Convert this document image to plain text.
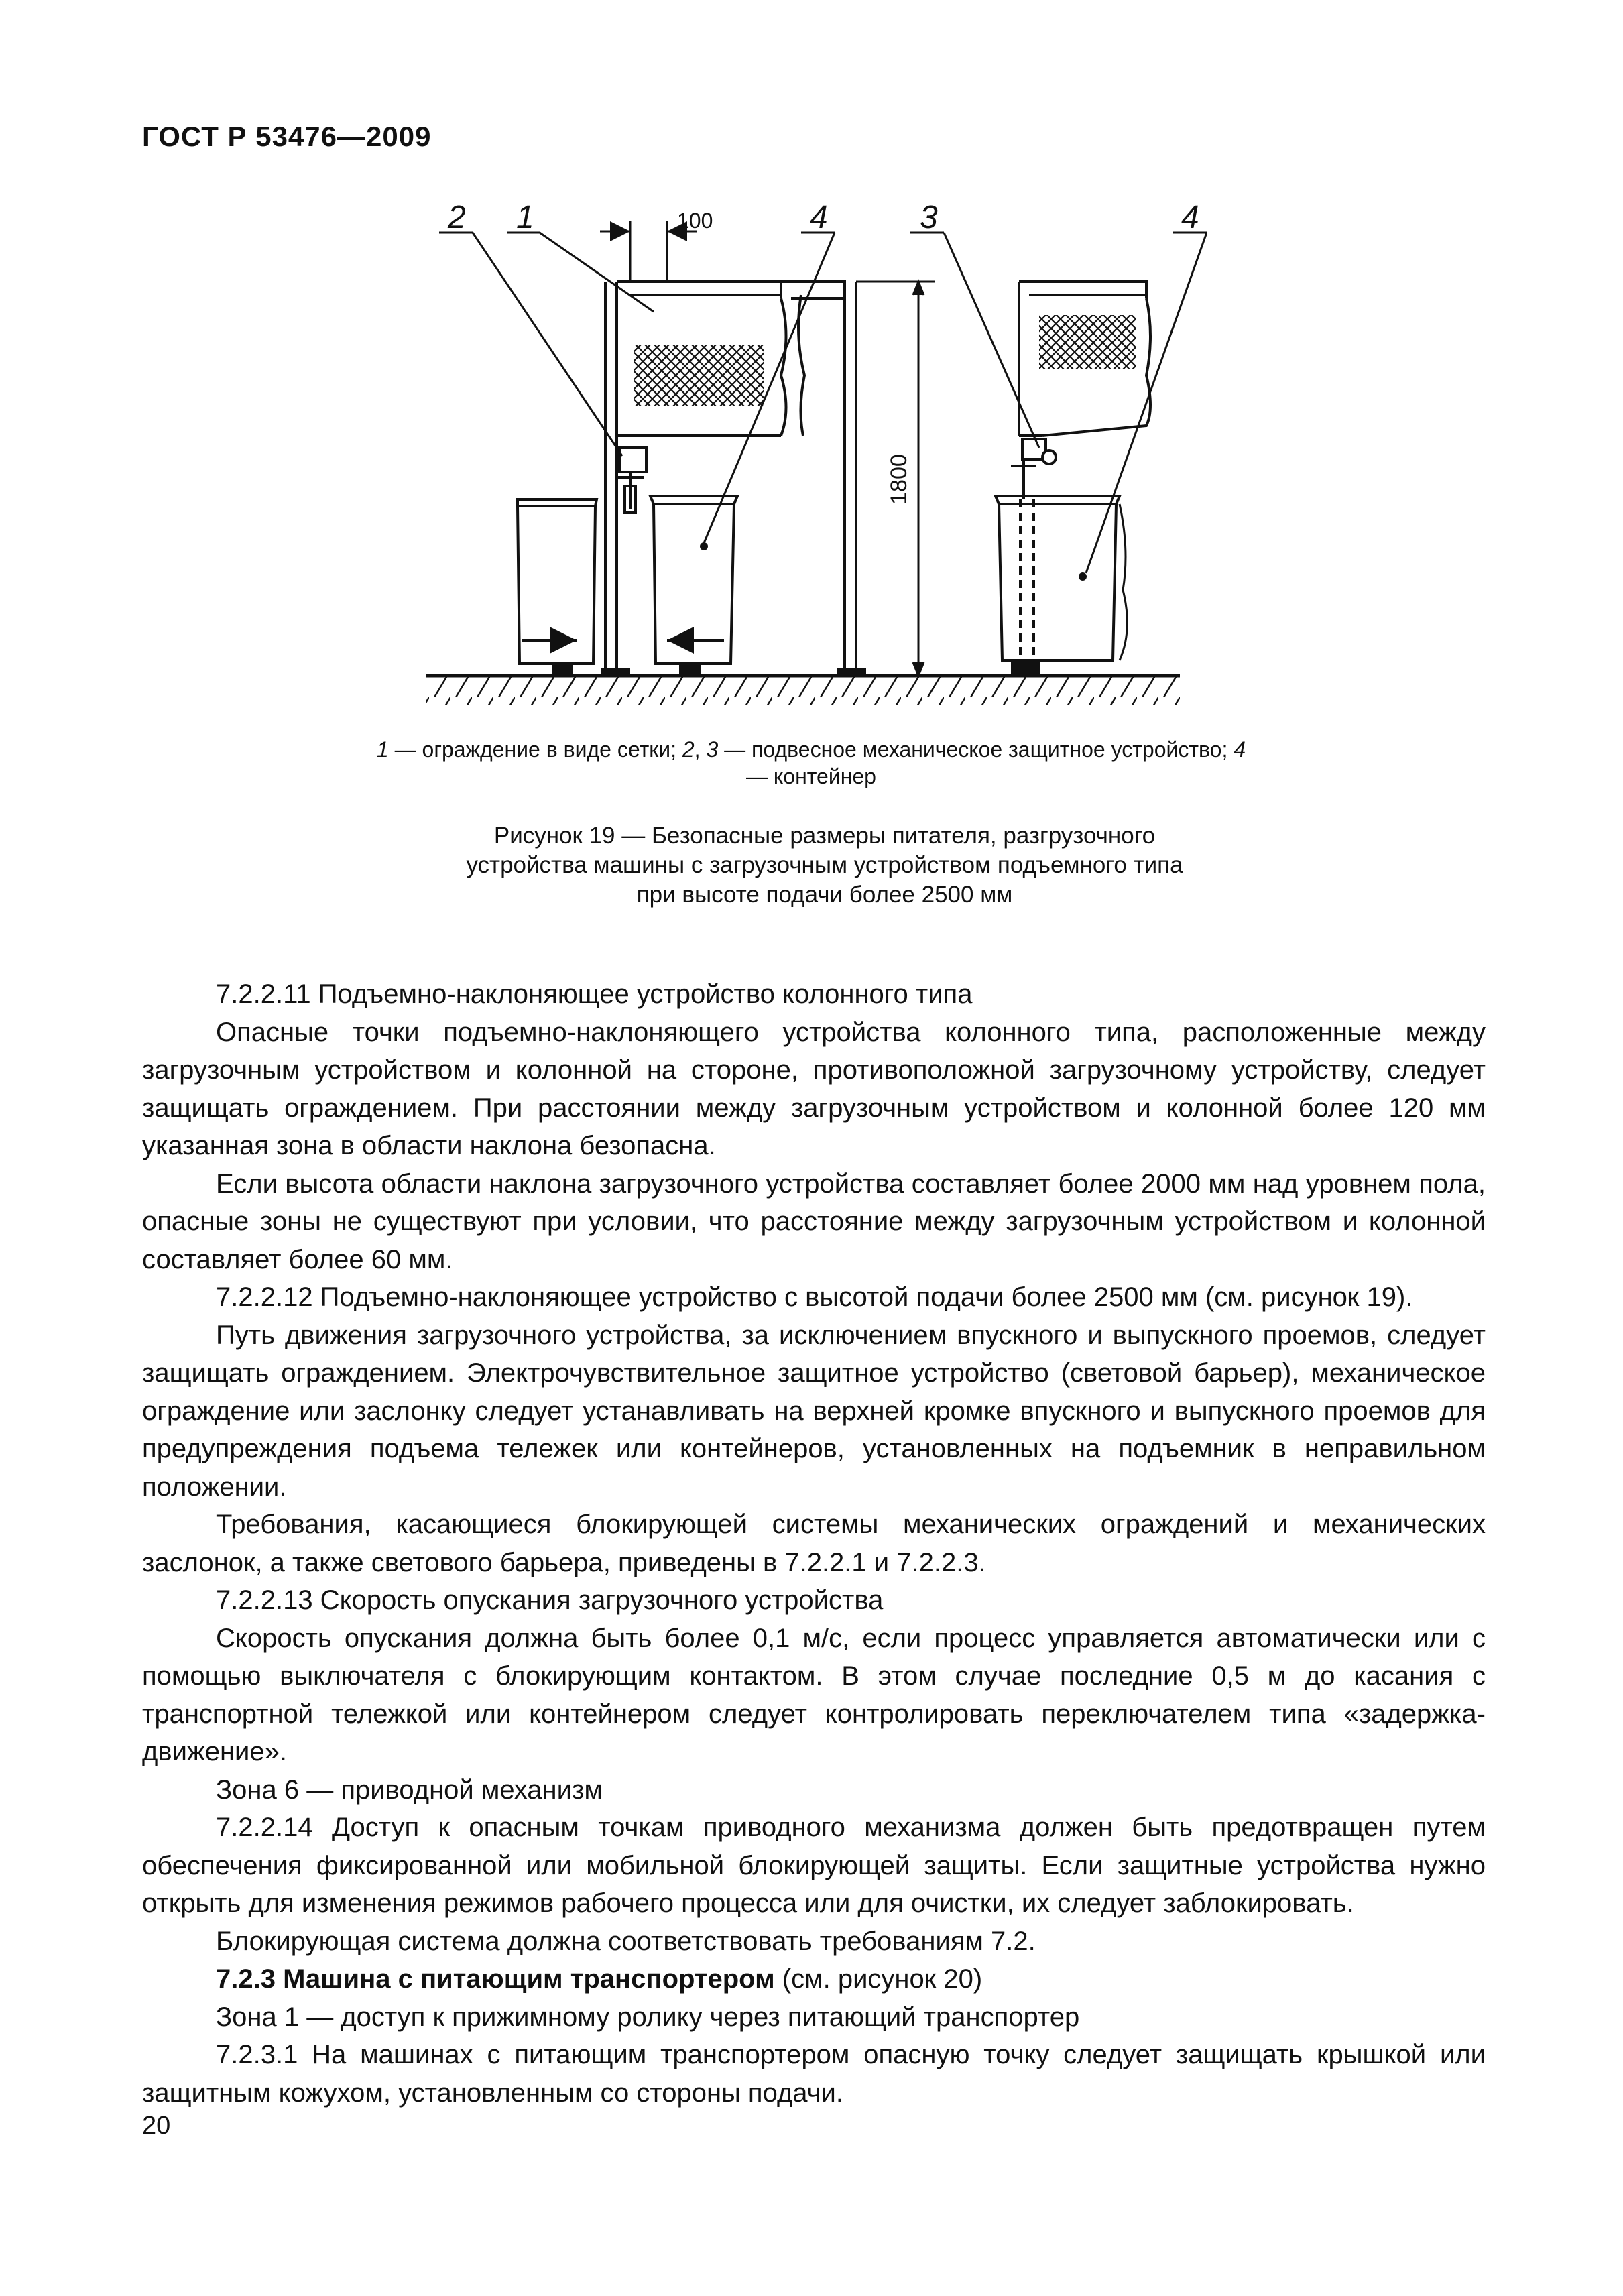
ГОСТ Р 53476—2009
1800
100
2 1	4	3	4
1 — ограждение в виде сетки; 2, 3 — подвесное механическое защитное устройство; 4 — контейнер
Рисунок 19 — Безопасные размеры питателя, разгрузочного
устройства машины с загрузочным устройством подъемного типа
при высоте подачи более 2500 мм

7.2.2.11 Подъемно-наклоняющее устройство колонного типа

Опасные точки подъемно-наклоняющего устройства колонного типа, расположенные между загрузочным устройством и колонной на стороне, противоположной загрузочному устройству, следует защищать ограждением. При расстоянии между загрузочным устройством и колонной более 120 мм указанная зона в области наклона безопасна.

Если высота области наклона загрузочного устройства составляет более 2000 мм над уровнем пола, опасные зоны не существуют при условии, что расстояние между загрузочным устройством и колонной составляет более 60 мм.

7.2.2.12 Подъемно-наклоняющее устройство с высотой подачи более 2500 мм (см. рисунок 19).

Путь движения загрузочного устройства, за исключением впускного и выпускного проемов, следует защищать ограждением. Электрочувствительное защитное устройство (световой барьер), механическое ограждение или заслонку следует устанавливать на верхней кромке впускного и выпускного проемов для предупреждения подъема тележек или контейнеров, установленных на подъемник в неправильном положении.

Требования, касающиеся блокирующей системы механических ограждений и механических заслонок, а также светового барьера, приведены в 7.2.2.1 и 7.2.2.3.

7.2.2.13 Скорость опускания загрузочного устройства

Скорость опускания должна быть более 0,1 м/с, если процесс управляется автоматически или с помощью выключателя с блокирующим контактом. В этом случае последние 0,5 м до касания с транспортной тележкой или контейнером следует контролировать переключателем типа «задержка-движение».

Зона 6 — приводной механизм

7.2.2.14 Доступ к опасным точкам приводного механизма должен быть предотвращен путем обеспечения фиксированной или мобильной блокирующей защиты. Если защитные устройства нужно открыть для изменения режимов рабочего процесса или для очистки, их следует заблокировать.

Блокирующая система должна соответствовать требованиям 7.2.

7.2.3 Машина с питающим транспортером (см. рисунок 20)

Зона 1 — доступ к прижимному ролику через питающий транспортер

7.2.3.1 На машинах с питающим транспортером опасную точку следует защищать крышкой или защитным кожухом, установленным со стороны подачи.

20
